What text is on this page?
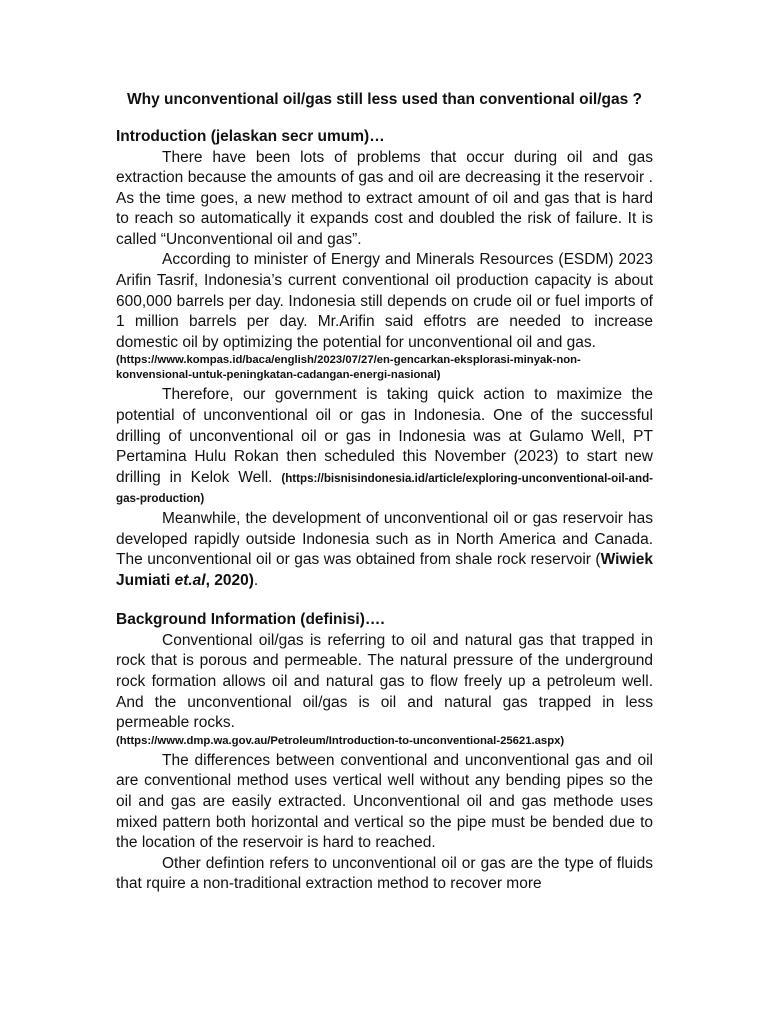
Why unconventional oil/gas still less used than conventional oil/gas ?
Introduction (jelaskan secr umum)…

There have been lots of problems that occur during oil and gas extraction because the amounts of gas and oil are decreasing it the reservoir . As the time goes, a new method to extract amount of oil and gas that is hard to reach so automatically it expands cost and doubled the risk of failure. It is called “Unconventional oil and gas”.

According to minister of Energy and Minerals Resources (ESDM) 2023 Arifin Tasrif, Indonesia’s current conventional oil production capacity is about 600,000 barrels per day. Indonesia still depends on crude oil or fuel imports of 1 million barrels per day. Mr.Arifin said effotrs are needed to increase domestic oil by optimizing the potential for unconventional oil and gas.

(https://www.kompas.id/baca/english/2023/07/27/en-gencarkan-eksplorasi-minyak-non-konvensional-untuk-peningkatan-cadangan-energi-nasional)

Therefore, our government is taking quick action to maximize the potential of unconventional oil or gas in Indonesia. One of the successful drilling of unconventional oil or gas in Indonesia was at Gulamo Well, PT Pertamina Hulu Rokan then scheduled this November (2023) to start new drilling in Kelok Well. (https://bisnisindonesia.id/article/exploring-unconventional-oil-and-gas-production)

Meanwhile, the development of unconventional oil or gas reservoir has developed rapidly outside Indonesia such as in North America and Canada. The unconventional oil or gas was obtained from shale rock reservoir (Wiwiek Jumiati et.al, 2020).

Background Information (definisi)….

Conventional oil/gas is referring to oil and natural gas that trapped in rock that is porous and permeable. The natural pressure of the underground rock formation allows oil and natural gas to flow freely up a petroleum well. And the unconventional oil/gas is oil and natural gas trapped in less permeable rocks.

(https://www.dmp.wa.gov.au/Petroleum/Introduction-to-unconventional-25621.aspx)

The differences between conventional and unconventional gas and oil are conventional method uses vertical well without any bending pipes so the oil and gas are easily extracted. Unconventional oil and gas methode uses mixed pattern both horizontal and vertical so the pipe must be bended due to the location of the reservoir is hard to reached.

Other defintion refers to unconventional oil or gas are the type of fluids that rquire a non-traditional extraction method to recover more
